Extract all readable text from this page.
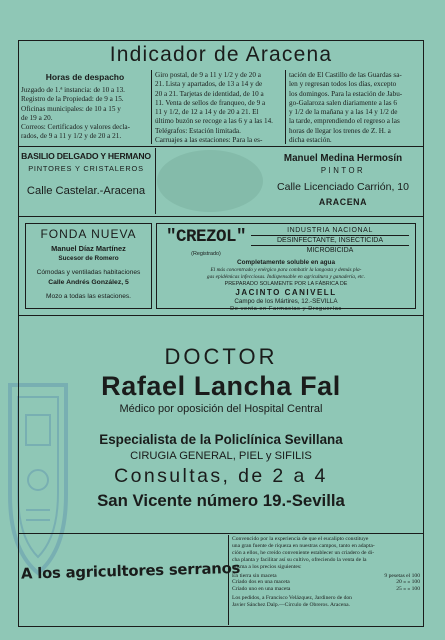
Indicador de Aracena
Horas de despacho
Juzgado de 1.ª instancia: de 10 a 13.
Registro de la Propiedad: de 9 a 15.
Oficinas municipales: de 10 a 15 y
de 19 a 20.
Correos: Certificados y valores decla-
rados, de 9 a 11 y 1/2 y de 20 a 21.
Giro postal, de 9 a 11 y 1/2 y de 20 a
21. Lista y apartados, de 13 a 14 y de
20 a 21. Tarjetas de identidad, de 10 a
11. Venta de sellos de franqueo, de 9 a
11 y 1/2, de 12 a 14 y de 20 a 21. El
último buzón se recoge a las 6 y a las 14.
Telégrafos: Estación limitada.
Carruajes a las estaciones: Para la es-
tación de El Castillo de las Guardas sa-
len y regresan todos los días, excepto
los domingos. Para la estación de Jabu-
go-Galaroza salen diariamente a las 6
y 1/2 de la mañana y a las 14 y 1/2 de
la tarde, emprendiendo el regreso a las
horas de llegar los trenes de Z. H. a
dicha estación.
BASILIO DELGADO Y HERMANO
PINTORES Y CRISTALEROS
Calle Castelar.-Aracena
Manuel Medina Hermosín
PINTOR
Calle Licenciado Carrión, 10
ARACENA
FONDA NUEVA
Manuel Díaz Martínez
Sucesor de Romero
Cómodas y ventiladas habitaciones
Calle Andrés González, 5
Mozo a todas las estaciones.
"CREZOL"
(Registrado)
INDUSTRIA NACIONAL
DESINFECTANTE, INSECTICIDA
MICROBICIDA
Completamente soluble en agua
El más concentrado y enérgico para combatir la langosta y demás pla-
gas epidémicas infecciosas. Indispensable en agricultura y ganadería, etc.
PREPARADO SOLAMENTE POR LA FÁBRICA DE
JACINTO CANIVELL
Campo de los Mártires, 12.-SEVILLA
De venta en Farmacias y Droguerías
DOCTOR
Rafael Lancha Fal
Médico por oposición del Hospital Central
Especialista de la Policlínica Sevillana
CIRUGIA GENERAL, PIEL y SIFILIS
Consultas, de 2 a 4
San Vicente número 19.-Sevilla
A los agricultores serranos
Convencido por la experiencia de que el eucalipto constituye
una gran fuente de riqueza en nuestras campos, tanto en adapta-
ción a ellos, he creído conveniente establecer un criadero de di-
cha planta y facilitar así su cultivo, ofreciendo la venta de la
misma a los precios siguientes:
En tierra sin maceta	9 pesetas el 100
Criado dos en una maceta	20 » » 100
Criado uno en una maceta	25 » » 100
Los pedidos, a Francisco Velázquez, Jardinero de don
Javier Sánchez Dalp.—Círculo de Obreros. Aracena.
